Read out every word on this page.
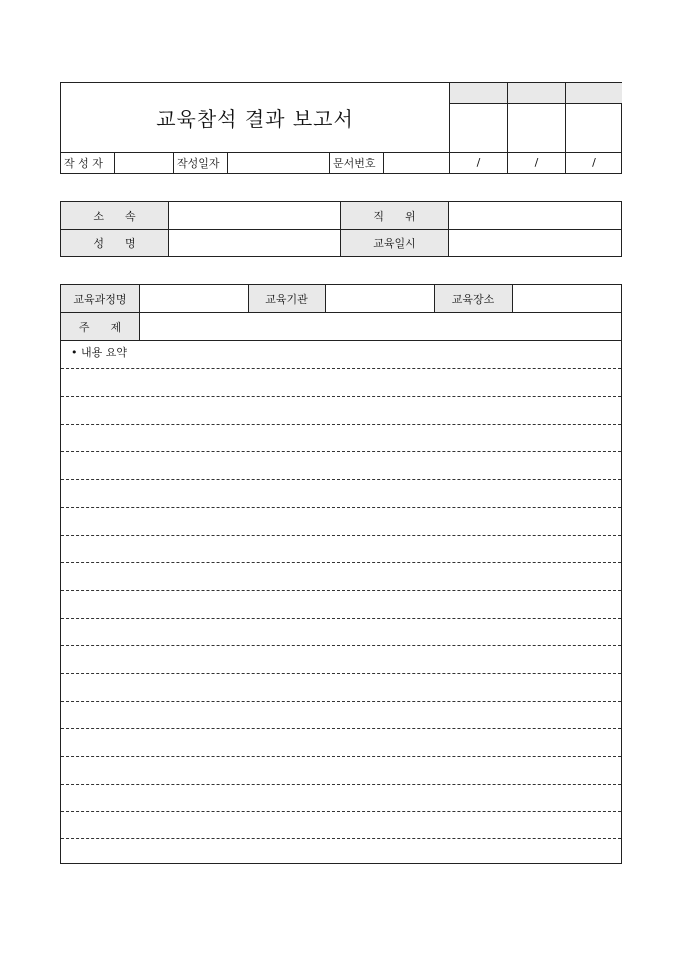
교육참석 결과 보고서
작 성 자	작성일자	문서번호	/	/	/
소      속	직      위
성      명	교육일시
교육과정명	교육기관	교육장소
주      제
• 내용 요약
